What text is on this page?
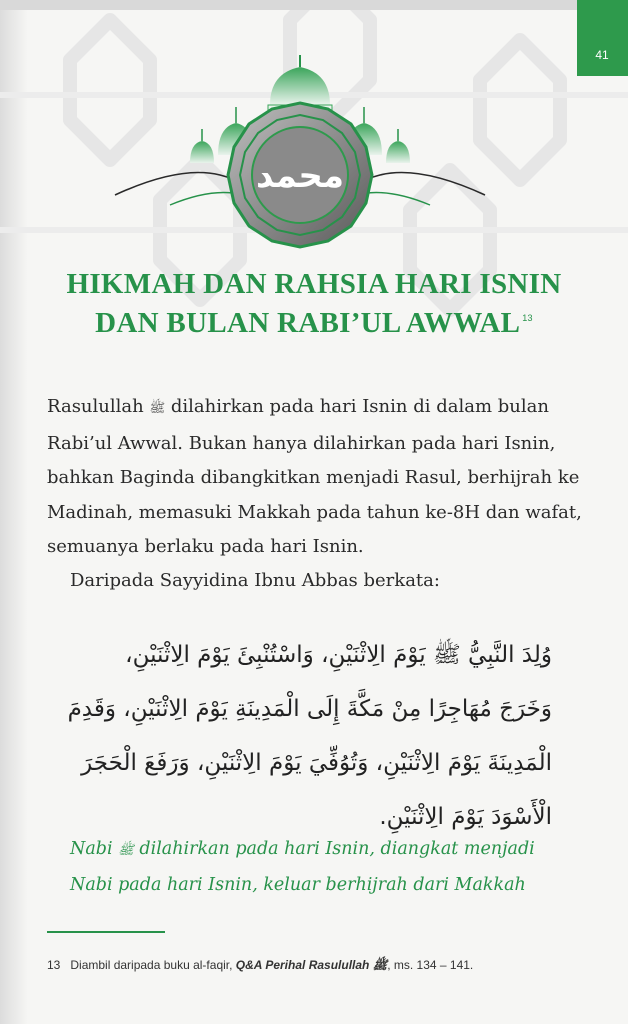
41
محمد
HIKMAH DAN RAHSIA HARI ISNIN
DAN BULAN RABI’UL AWWAL $^{13}$

Rasulullah ﷺ dilahirkan pada hari Isnin di dalam bulan
Rabi’ul Awwal. Bukan hanya dilahirkan pada hari Isnin,
bahkan Baginda dibangkitkan menjadi Rasul, berhijrah ke
Madinah, memasuki Makkah pada tahun ke-8H dan wafat,
semuanya berlaku pada hari Isnin.

Daripada Sayyidina Ibnu Abbas berkata:

وُلِدَ النَّبِيُّ ﷺ يَوْمَ الِاثْنَيْنِ، وَاسْتُنْبِئَ يَوْمَ الِاثْنَيْنِ،
وَخَرَجَ مُهَاجِرًا مِنْ مَكَّةَ إِلَى الْمَدِينَةِ يَوْمَ الِاثْنَيْنِ، وَقَدِمَ
الْمَدِينَةَ يَوْمَ الِاثْنَيْنِ، وَتُوُفِّيَ يَوْمَ الِاثْنَيْنِ، وَرَفَعَ الْحَجَرَ
الْأَسْوَدَ يَوْمَ الِاثْنَيْنِ.

Nabi ﷺ dilahirkan pada hari Isnin, diangkat menjadi
Nabi pada hari Isnin, keluar berhijrah dari Makkah

13 Diambil daripada buku al-faqir, Q&A Perihal Rasulullah ﷺ, ms. 134 – 141.
